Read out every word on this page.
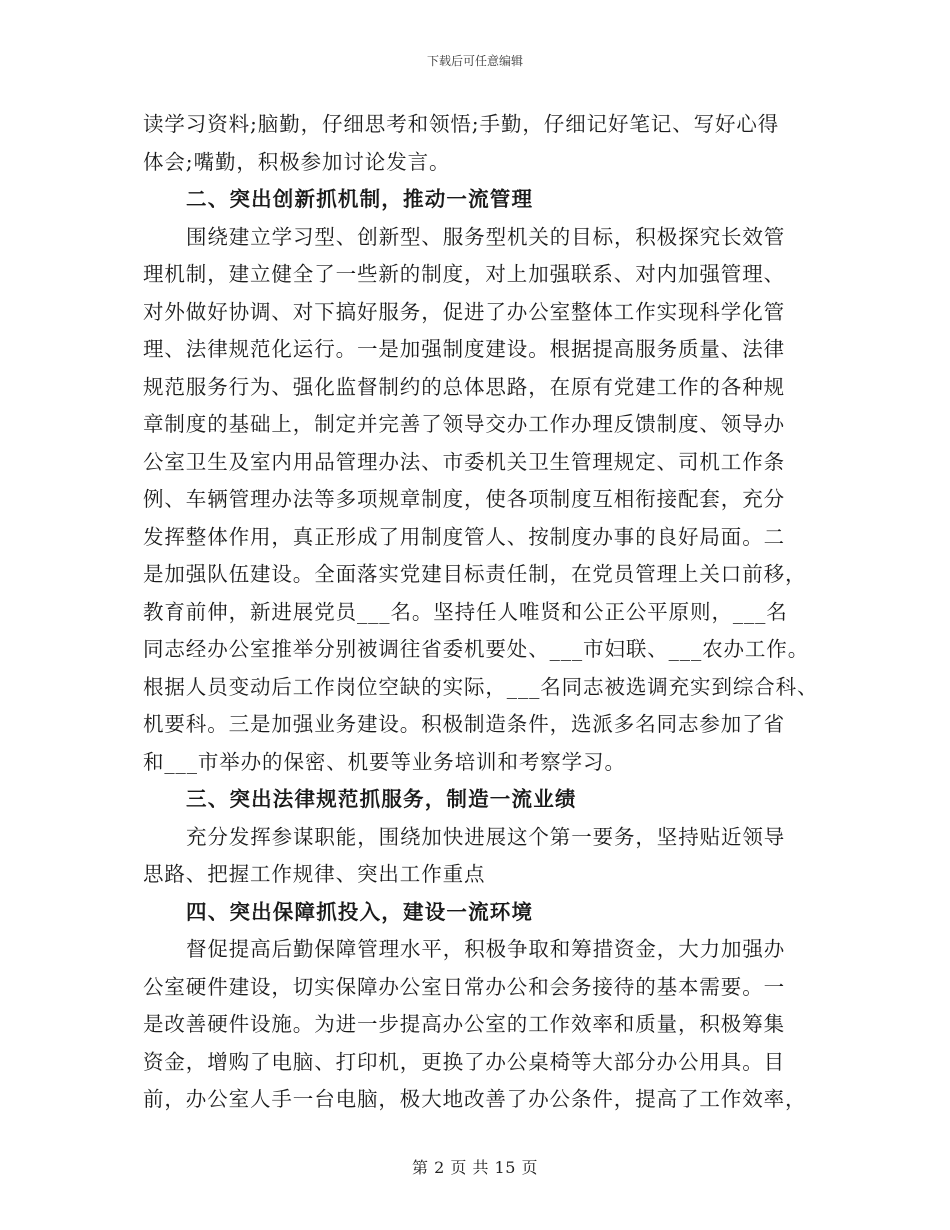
下载后可任意编辑
读学习资料;脑勤，仔细思考和领悟;手勤，仔细记好笔记、写好心得
体会;嘴勤，积极参加讨论发言。
二、突出创新抓机制，推动一流管理
围绕建立学习型、创新型、服务型机关的目标，积极探究长效管
理机制，建立健全了一些新的制度，对上加强联系、对内加强管理、
对外做好协调、对下搞好服务，促进了办公室整体工作实现科学化管
理、法律规范化运行。一是加强制度建设。根据提高服务质量、法律
规范服务行为、强化监督制约的总体思路，在原有党建工作的各种规
章制度的基础上，制定并完善了领导交办工作办理反馈制度、领导办
公室卫生及室内用品管理办法、市委机关卫生管理规定、司机工作条
例、车辆管理办法等多项规章制度，使各项制度互相衔接配套，充分
发挥整体作用，真正形成了用制度管人、按制度办事的良好局面。二
是加强队伍建设。全面落实党建目标责任制，在党员管理上关口前移，
教育前伸，新进展党员___名。坚持任人唯贤和公正公平原则，___名
同志经办公室推举分别被调往省委机要处、___市妇联、___农办工作。
根据人员变动后工作岗位空缺的实际，___名同志被选调充实到综合科、
机要科。三是加强业务建设。积极制造条件，选派多名同志参加了省
和___市举办的保密、机要等业务培训和考察学习。
三、突出法律规范抓服务，制造一流业绩
充分发挥参谋职能，围绕加快进展这个第一要务，坚持贴近领导
思路、把握工作规律、突出工作重点
四、突出保障抓投入，建设一流环境
督促提高后勤保障管理水平，积极争取和筹措资金，大力加强办
公室硬件建设，切实保障办公室日常办公和会务接待的基本需要。一
是改善硬件设施。为进一步提高办公室的工作效率和质量，积极筹集
资金，增购了电脑、打印机，更换了办公桌椅等大部分办公用具。目
前，办公室人手一台电脑，极大地改善了办公条件，提高了工作效率，
第 2 页 共 15 页
